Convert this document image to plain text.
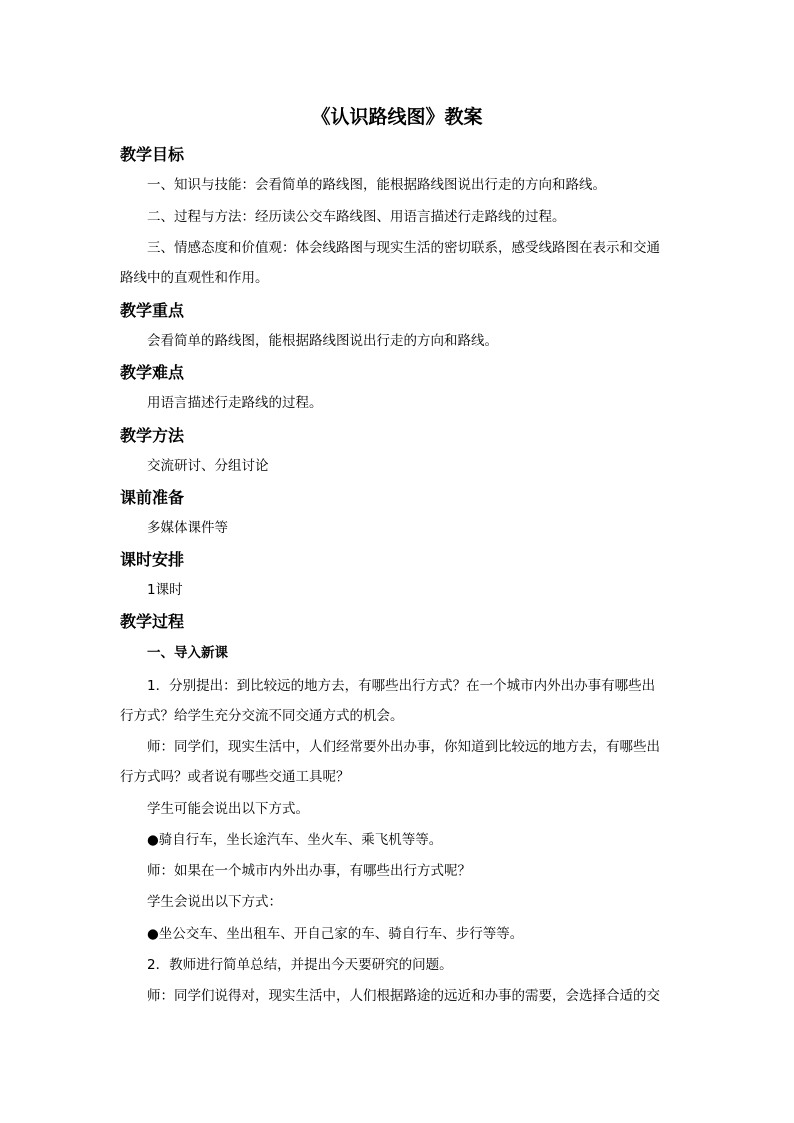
《认识路线图》教案
教学目标
一、知识与技能：会看简单的路线图，能根据路线图说出行走的方向和路线。
二、过程与方法：经历读公交车路线图、用语言描述行走路线的过程。
三、情感态度和价值观：体会线路图与现实生活的密切联系，感受线路图在表示和交通
路线中的直观性和作用。
教学重点
会看简单的路线图，能根据路线图说出行走的方向和路线。
教学难点
用语言描述行走路线的过程。
教学方法
交流研讨、分组讨论
课前准备
多媒体课件等
课时安排
1课时
教学过程
一、导入新课
1．分别提出：到比较远的地方去，有哪些出行方式？在一个城市内外出办事有哪些出
行方式？给学生充分交流不同交通方式的机会。
师：同学们，现实生活中，人们经常要外出办事，你知道到比较远的地方去，有哪些出
行方式吗？或者说有哪些交通工具呢？
学生可能会说出以下方式。
●骑自行车，坐长途汽车、坐火车、乘飞机等等。
师：如果在一个城市内外出办事，有哪些出行方式呢？
学生会说出以下方式：
●坐公交车、坐出租车、开自己家的车、骑自行车、步行等等。
2．教师进行简单总结，并提出今天要研究的问题。
师：同学们说得对，现实生活中，人们根据路途的远近和办事的需要，会选择合适的交
